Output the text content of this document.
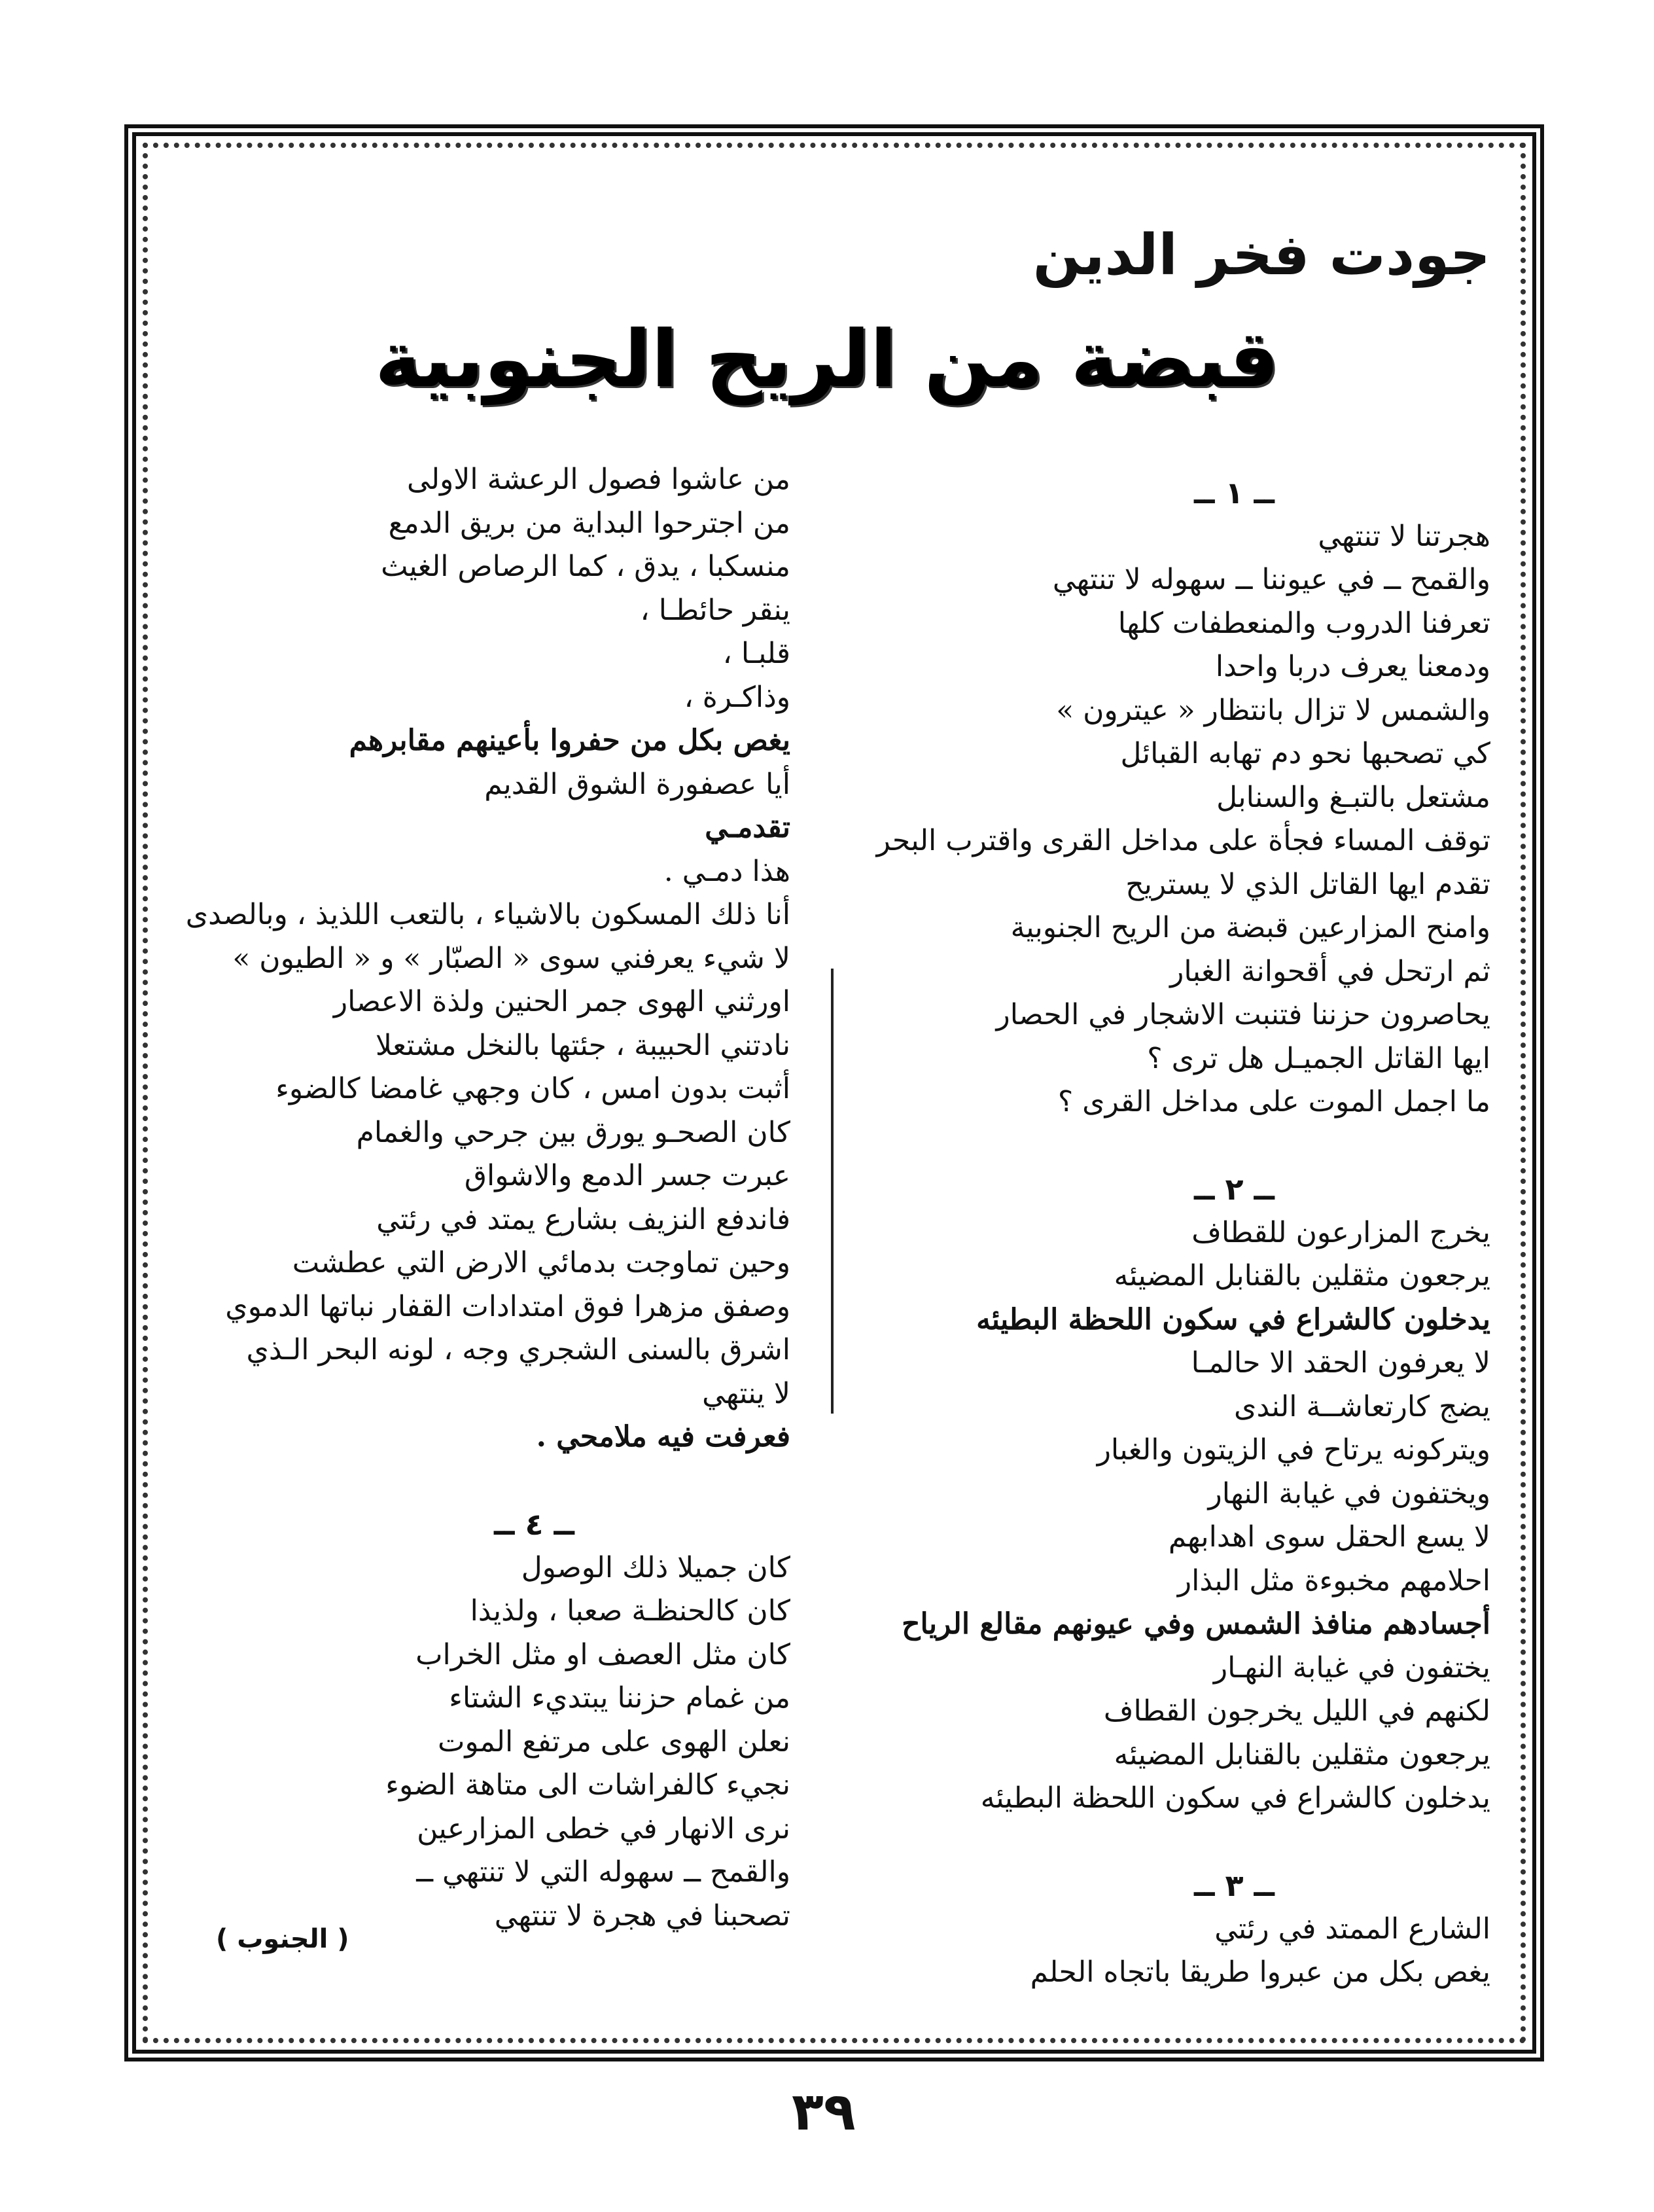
جودت فخر الدين
قبضة من الريح الجنوبية
ــ ١ ــ
هجرتنا لا تنتهي
والقمح ــ في عيوننا ــ سهوله لا تنتهي
تعرفنا الدروب والمنعطفات كلها
ودمعنا يعرف دربا واحدا
والشمس لا تزال بانتظار « عيترون »
كي تصحبها نحو دم تهابه القبائل
مشتعل بالتبـغ والسنابل
توقف المساء فجأة على مداخل القرى واقترب البحر
تقدم ايها القاتل الذي لا يستريح
وامنح المزارعين قبضة من الريح الجنوبية
ثم ارتحل في أقحوانة الغبار
يحاصرون حزننا فتنبت الاشجار في الحصار
ايها القاتل الجميـل هل ترى ؟
ما اجمل الموت على مداخل القرى ؟
ــ ٢ ــ
يخرج المزارعون للقطاف
يرجعون مثقلين بالقنابل المضيئه
يدخلون كالشراع في سكون اللحظة البطيئه
لا يعرفون الحقد الا حالمـا
يضج كارتعاشــة الندى
ويتركونه يرتاح في الزيتون والغبار
ويختفون في غيابة النهار
لا يسع الحقل سوى اهدابهم
احلامهم مخبوءة مثل البذار
أجسادهم منافذ الشمس وفي عيونهم مقالع الرياح
يختفون في غيابة النهـار
لكنهم في الليل يخرجون القطاف
يرجعون مثقلين بالقنابل المضيئه
يدخلون كالشراع في سكون اللحظة البطيئه
ــ ٣ ــ
الشارع الممتد في رئتي
يغص بكل من عبروا طريقا باتجاه الحلم
من عاشوا فصول الرعشة الاولى
من اجترحوا البداية من بريق الدمع
منسكبا ، يدق ، كما الرصاص الغيث
ينقر حائطـا ،
قلبـا ،
وذاكـرة ،
يغص بكل من حفروا بأعينهم مقابرهم
أيا عصفورة الشوق القديم
تقدمـي
هذا دمـي .
أنا ذلك المسكون بالاشياء ، بالتعب اللذيذ ، وبالصدى
لا شيء يعرفني سوى « الصبّار » و « الطيون »
اورثني الهوى جمر الحنين ولذة الاعصار
نادتني الحبيبة ، جئتها بالنخل مشتعلا
أثبت بدون امس ، كان وجهي غامضا كالضوء
كان الصحـو يورق بين جرحي والغمام
عبرت جسر الدمع والاشواق
فاندفع النزيف بشارع يمتد في رئتي
وحين تماوجت بدمائي الارض التي عطشت
وصفق مزهرا فوق امتدادات القفار نباتها الدموي
اشرق بالسنى الشجري وجه ، لونه البحر الـذي
لا ينتهي
فعرفت فيه ملامحي .
ــ ٤ ــ
كان جميلا ذلك الوصول
كان كالحنظـة صعبا ، ولذيذا
كان مثل العصف او مثل الخراب
من غمام حزننا يبتديء الشتاء
نعلن الهوى على مرتفع الموت
نجيء كالفراشات الى متاهة الضوء
نرى الانهار في خطى المزارعين
والقمح ــ سهوله التي لا تنتهي ــ
تصحبنا في هجرة لا تنتهي
( الجنوب )
٣٩
